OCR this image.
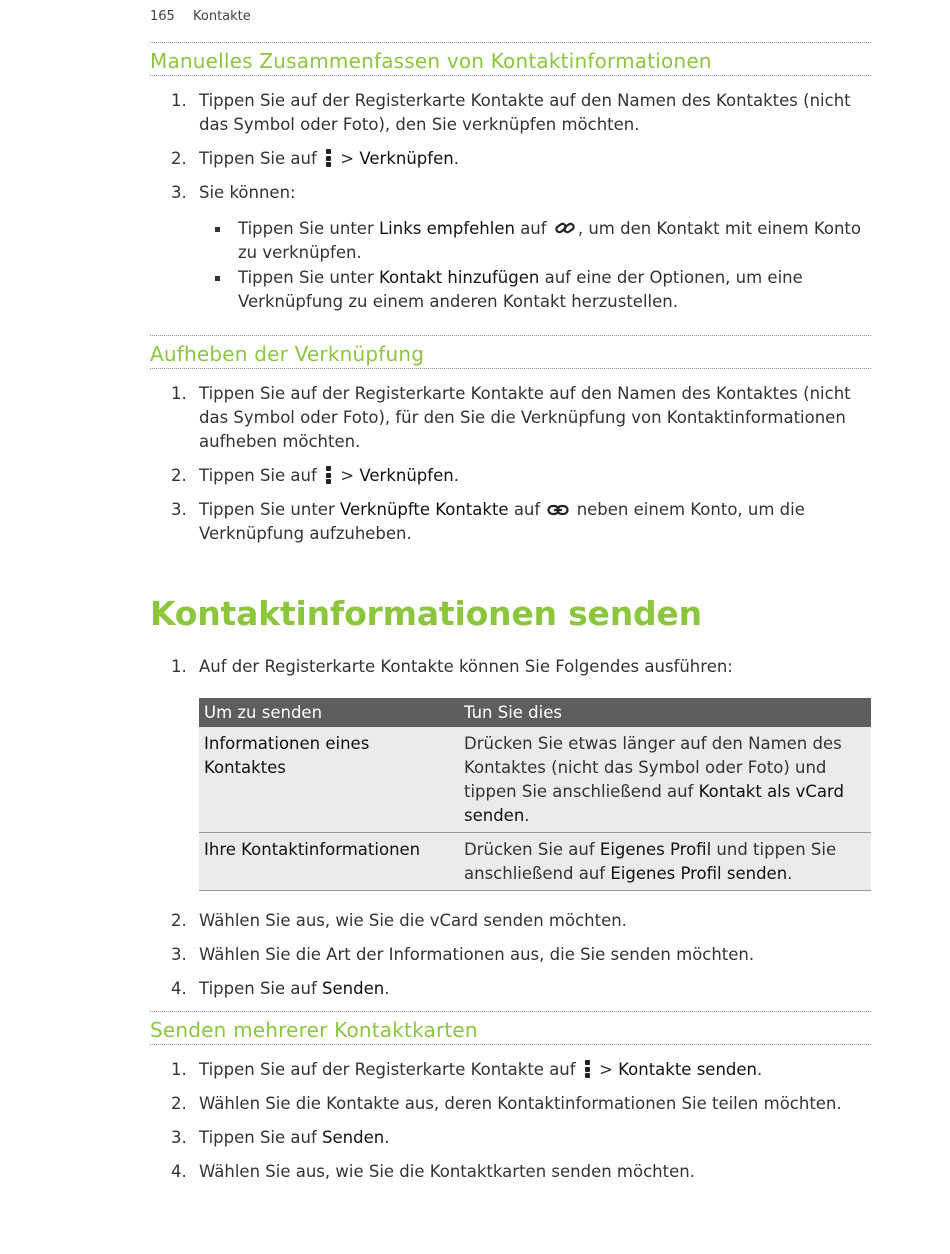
165 Kontakte
Manuelles Zusammenfassen von Kontaktinformationen
1. Tippen Sie auf der Registerkarte Kontakte auf den Namen des Kontaktes (nicht das Symbol oder Foto), den Sie verknüpfen möchten.
2. Tippen Sie auf > Verknüpfen.
3. Sie können:
Tippen Sie unter Links empfehlen auf , um den Kontakt mit einem Konto zu verknüpfen.
Tippen Sie unter Kontakt hinzufügen auf eine der Optionen, um eine Verknüpfung zu einem anderen Kontakt herzustellen.
Aufheben der Verknüpfung
1. Tippen Sie auf der Registerkarte Kontakte auf den Namen des Kontaktes (nicht das Symbol oder Foto), für den Sie die Verknüpfung von Kontaktinformationen aufheben möchten.
2. Tippen Sie auf > Verknüpfen.
3. Tippen Sie unter Verknüpfte Kontakte auf neben einem Konto, um die Verknüpfung aufzuheben.
Kontaktinformationen senden
1. Auf der Registerkarte Kontakte können Sie Folgendes ausführen:
Um zu senden	Tun Sie dies
Informationen eines Kontaktes	Drücken Sie etwas länger auf den Namen des Kontaktes (nicht das Symbol oder Foto) und tippen Sie anschließend auf Kontakt als vCard senden.
Ihre Kontaktinformationen	Drücken Sie auf Eigenes Profil und tippen Sie anschließend auf Eigenes Profil senden.
2. Wählen Sie aus, wie Sie die vCard senden möchten.
3. Wählen Sie die Art der Informationen aus, die Sie senden möchten.
4. Tippen Sie auf Senden.
Senden mehrerer Kontaktkarten
1. Tippen Sie auf der Registerkarte Kontakte auf > Kontakte senden.
2. Wählen Sie die Kontakte aus, deren Kontaktinformationen Sie teilen möchten.
3. Tippen Sie auf Senden.
4. Wählen Sie aus, wie Sie die Kontaktkarten senden möchten.
